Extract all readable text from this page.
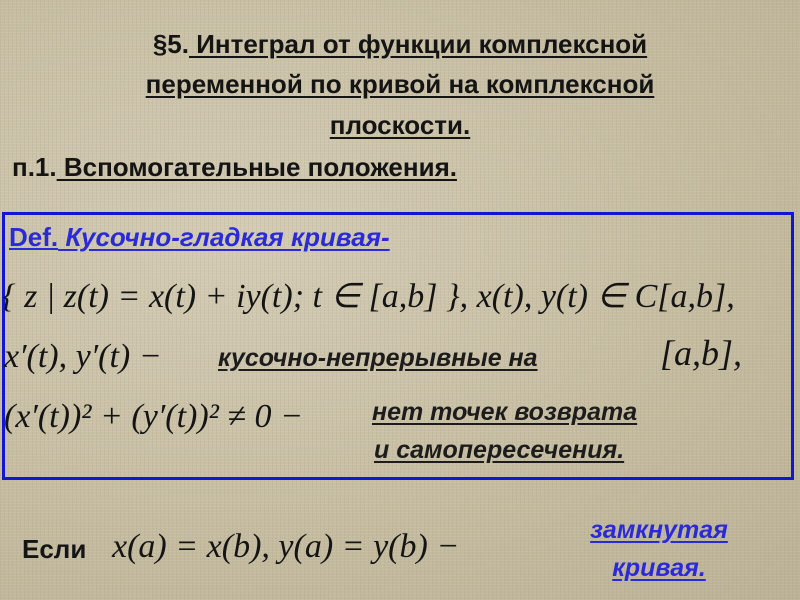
§5. Интеграл от функции комплексной
переменной по кривой на комплексной
плоскости.
п.1. Вспомогательные положения.
Def. Кусочно-гладкая кривая-
{ z | z(t) = x(t) + iy(t); t ∈ [a,b] }, x(t), y(t) ∈ C[a,b],
x′(t), y′(t) − кусочно-непрерывные на	[a,b],
(x′(t))² + (y′(t))² ≠ 0 −	нет точек возврата
и самопересечения.
Если x(a) = x(b), y(a) = y(b) −	замкнутая
кривая.
